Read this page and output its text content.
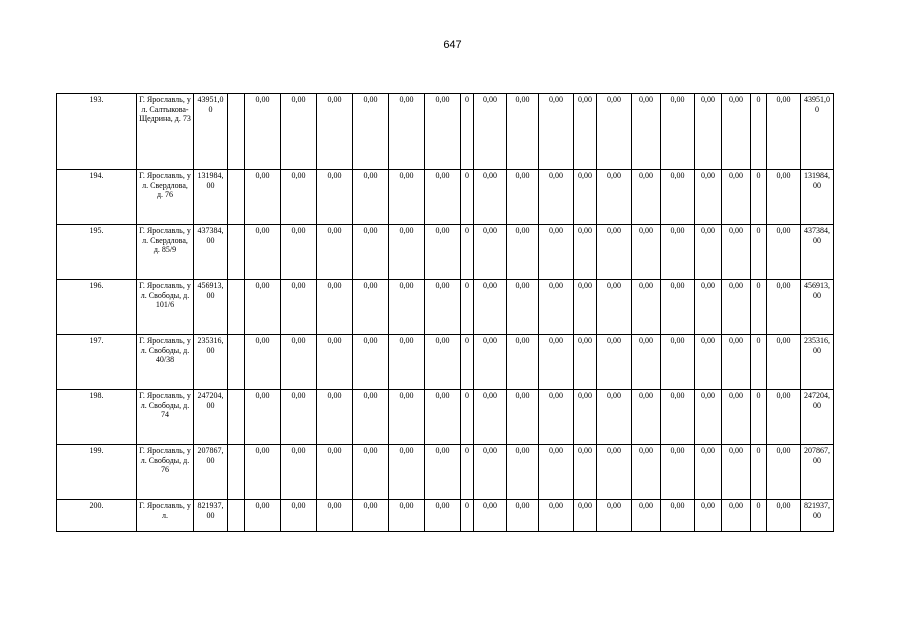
647
193.	Г. Ярославль, ул. Салтыкова-Щедрина, д. 73	43951,00		0,00	0,00	0,00	0,00	0,00	0,00	0	0,00	0,00	0,00	0,00	0,00	0,00	0,00	0,00	0,00	0	0,00	43951,00
194.	Г. Ярославль, ул. Свердлова, д. 76	131984,00		0,00	0,00	0,00	0,00	0,00	0,00	0	0,00	0,00	0,00	0,00	0,00	0,00	0,00	0,00	0,00	0	0,00	131984,00
195.	Г. Ярославль, ул. Свердлова, д. 85/9	437384,00		0,00	0,00	0,00	0,00	0,00	0,00	0	0,00	0,00	0,00	0,00	0,00	0,00	0,00	0,00	0,00	0	0,00	437384,00
196.	Г. Ярославль, ул. Свободы, д. 101/6	456913,00		0,00	0,00	0,00	0,00	0,00	0,00	0	0,00	0,00	0,00	0,00	0,00	0,00	0,00	0,00	0,00	0	0,00	456913,00
197.	Г. Ярославль, ул. Свободы, д. 40/38	235316,00		0,00	0,00	0,00	0,00	0,00	0,00	0	0,00	0,00	0,00	0,00	0,00	0,00	0,00	0,00	0,00	0	0,00	235316,00
198.	Г. Ярославль, ул. Свободы, д. 74	247204,00		0,00	0,00	0,00	0,00	0,00	0,00	0	0,00	0,00	0,00	0,00	0,00	0,00	0,00	0,00	0,00	0	0,00	247204,00
199.	Г. Ярославль, ул. Свободы, д. 76	207867,00		0,00	0,00	0,00	0,00	0,00	0,00	0	0,00	0,00	0,00	0,00	0,00	0,00	0,00	0,00	0,00	0	0,00	207867,00
200.	Г. Ярославль, ул.	821937,00		0,00	0,00	0,00	0,00	0,00	0,00	0	0,00	0,00	0,00	0,00	0,00	0,00	0,00	0,00	0,00	0	0,00	821937,00
